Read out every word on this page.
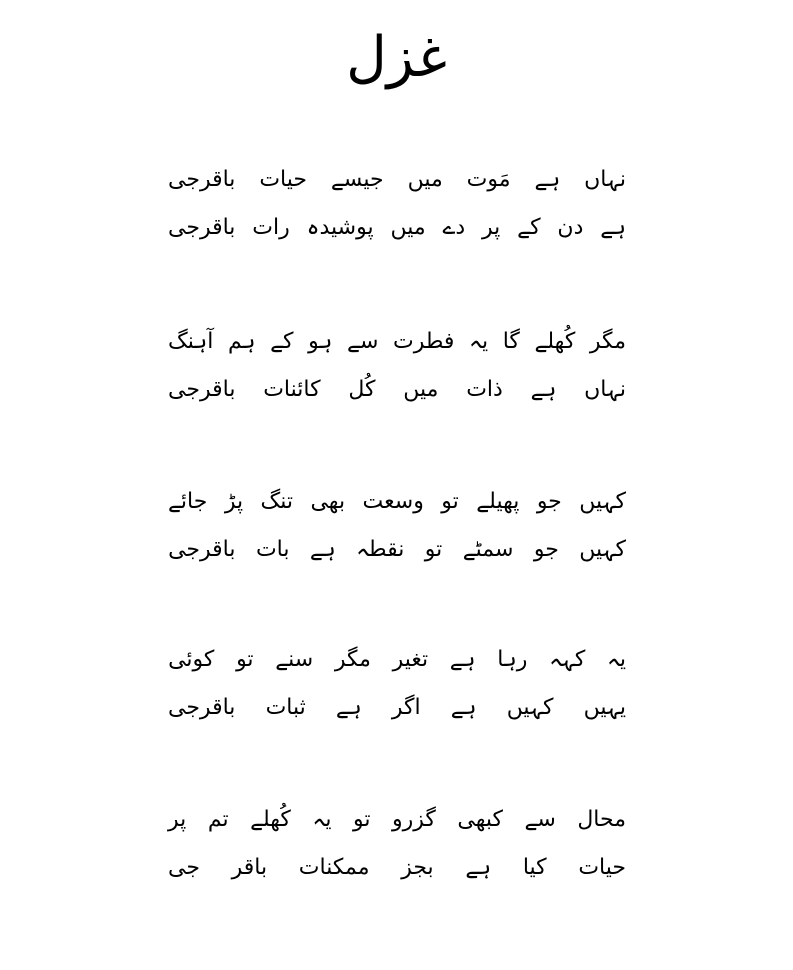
غزل
نہاں
ہے
مَوت
میں
جیسے
حیات
باقرجی
ہے
دن
کے
پر
دے
میں
پوشیدہ
رات
باقرجی
مگر
کُھلے
گا
یہ
فطرت
سے
ہو
کے
ہم
آہنگ
نہاں
ہے
ذات
میں
کُل
کائنات
باقرجی
کہیں
جو
پھیلے
تو
وسعت
بھی
تنگ
پڑ
جائے
کہیں
جو
سمٹے
تو
نقطہ
ہے
بات
باقرجی
یہ
کہہ
رہا
ہے
تغیر
مگر
سنے
تو
کوئی
یہیں
کہیں
ہے
اگر
ہے
ثبات
باقرجی
محال
سے
کبھی
گزرو
تو
یہ
کُھلے
تم
پر
حیات
کیا
ہے
بجز
ممکنات
باقر
جی
